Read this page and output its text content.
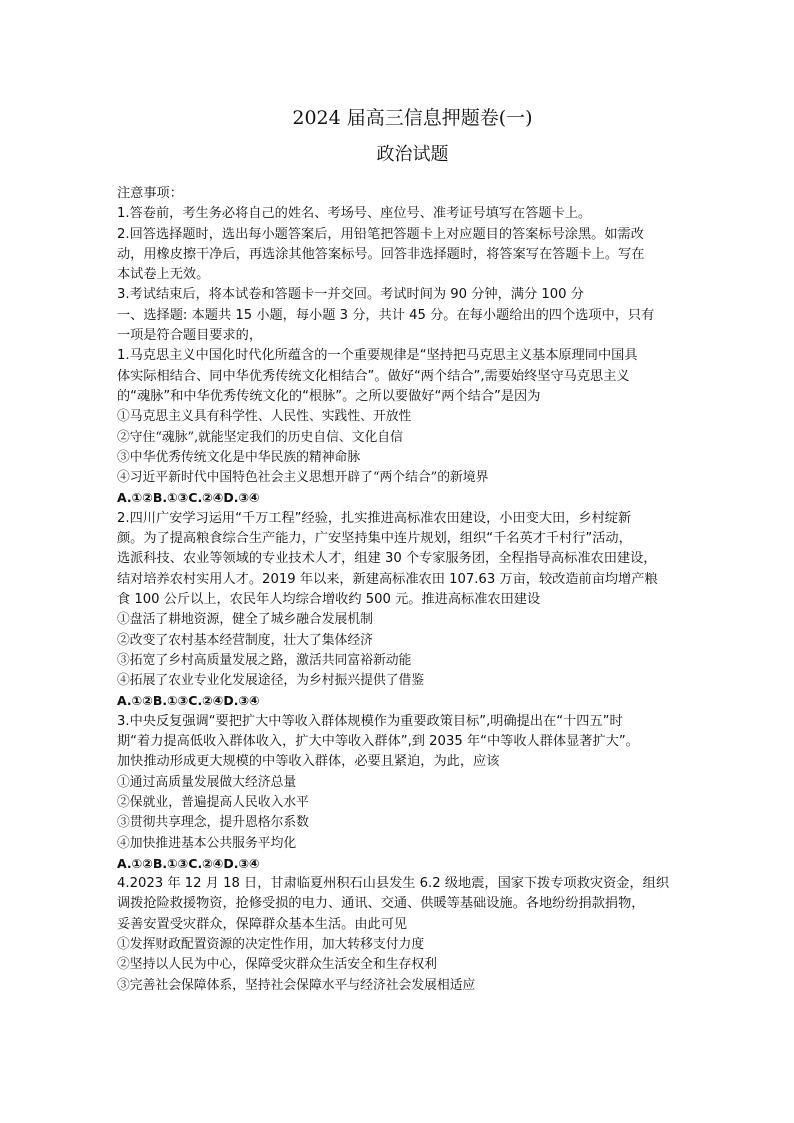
2024 届高三信息押题卷(一)
政治试题
注意事项：
1.答卷前，考生务必将自己的姓名、考场号、座位号、准考证号填写在答题卡上。
2.回答选择题时，选出每小题答案后，用铅笔把答题卡上对应题目的答案标号涂黑。如需改
动，用橡皮擦干净后，再选涂其他答案标号。回答非选择题时，将答案写在答题卡上。写在
本试卷上无效。
3.考试结束后，将本试卷和答题卡一并交回。考试时间为 90 分钟，满分 100 分
一、选择题: 本题共 15 小题，每小题 3 分，共计 45 分。在每小题给出的四个选项中，只有
一项是符合题目要求的，
1.马克思主义中国化时代化所蕴含的一个重要规律是“坚持把马克思主义基本原理同中国具
体实际相结合、同中华优秀传统文化相结合”。做好“两个结合”,需要始终坚守马克思主义
的“魂脉”和中华优秀传统文化的“根脉”。之所以要做好“两个结合”是因为
①马克思主义具有科学性、人民性、实践性、开放性
②守住“魂脉”,就能坚定我们的历史自信、文化自信
③中华优秀传统文化是中华民族的精神命脉
④习近平新时代中国特色社会主义思想开辟了“两个结合”的新境界
A.①②B.①③C.②④D.③④
2.四川广安学习运用“千万工程”经验，扎实推进高标准农田建设，小田变大田，乡村绽新
颜。为了提高粮食综合生产能力，广安坚持集中连片规划，组织“千名英才千村行”活动，
选派科技、农业等领域的专业技术人才，组建 30 个专家服务团，全程指导高标准农田建设，
结对培养农村实用人才。2019 年以来，新建高标准农田 107.63 万亩，较改造前亩均增产粮
食 100 公斤以上，农民年人均综合增收约 500 元。推进高标准农田建设
①盘活了耕地资源，健全了城乡融合发展机制
②改变了农村基本经营制度，壮大了集体经济
③拓宽了乡村高质量发展之路，激活共同富裕新动能
④拓展了农业专业化发展途径，为乡村振兴提供了借鉴
A.①②B.①③C.②④D.③④
3.中央反复强调“要把扩大中等收入群体规模作为重要政策目标”,明确提出在“十四五”时
期“着力提高低收入群体收入，扩大中等收入群体”,到 2035 年“中等收人群体显著扩大”。
加快推动形成更大规模的中等收入群体，必要且紧迫，为此，应该
①通过高质量发展做大经济总量
②保就业，普遍提高人民收入水平
③贯彻共享理念，提升恩格尔系数
④加快推进基本公共服务平均化
A.①②B.①③C.②④D.③④
4.2023 年 12 月 18 日，甘肃临夏州积石山县发生 6.2 级地震，国家下拨专项救灾资金，组织
调拨抢险救援物资，抢修受损的电力、通讯、交通、供暖等基础设施。各地纷纷捐款捐物，
妥善安置受灾群众，保障群众基本生活。由此可见
①发挥财政配置资源的决定性作用，加大转移支付力度
②坚持以人民为中心，保障受灾群众生活安全和生存权利
③完善社会保障体系，坚持社会保障水平与经济社会发展相适应
